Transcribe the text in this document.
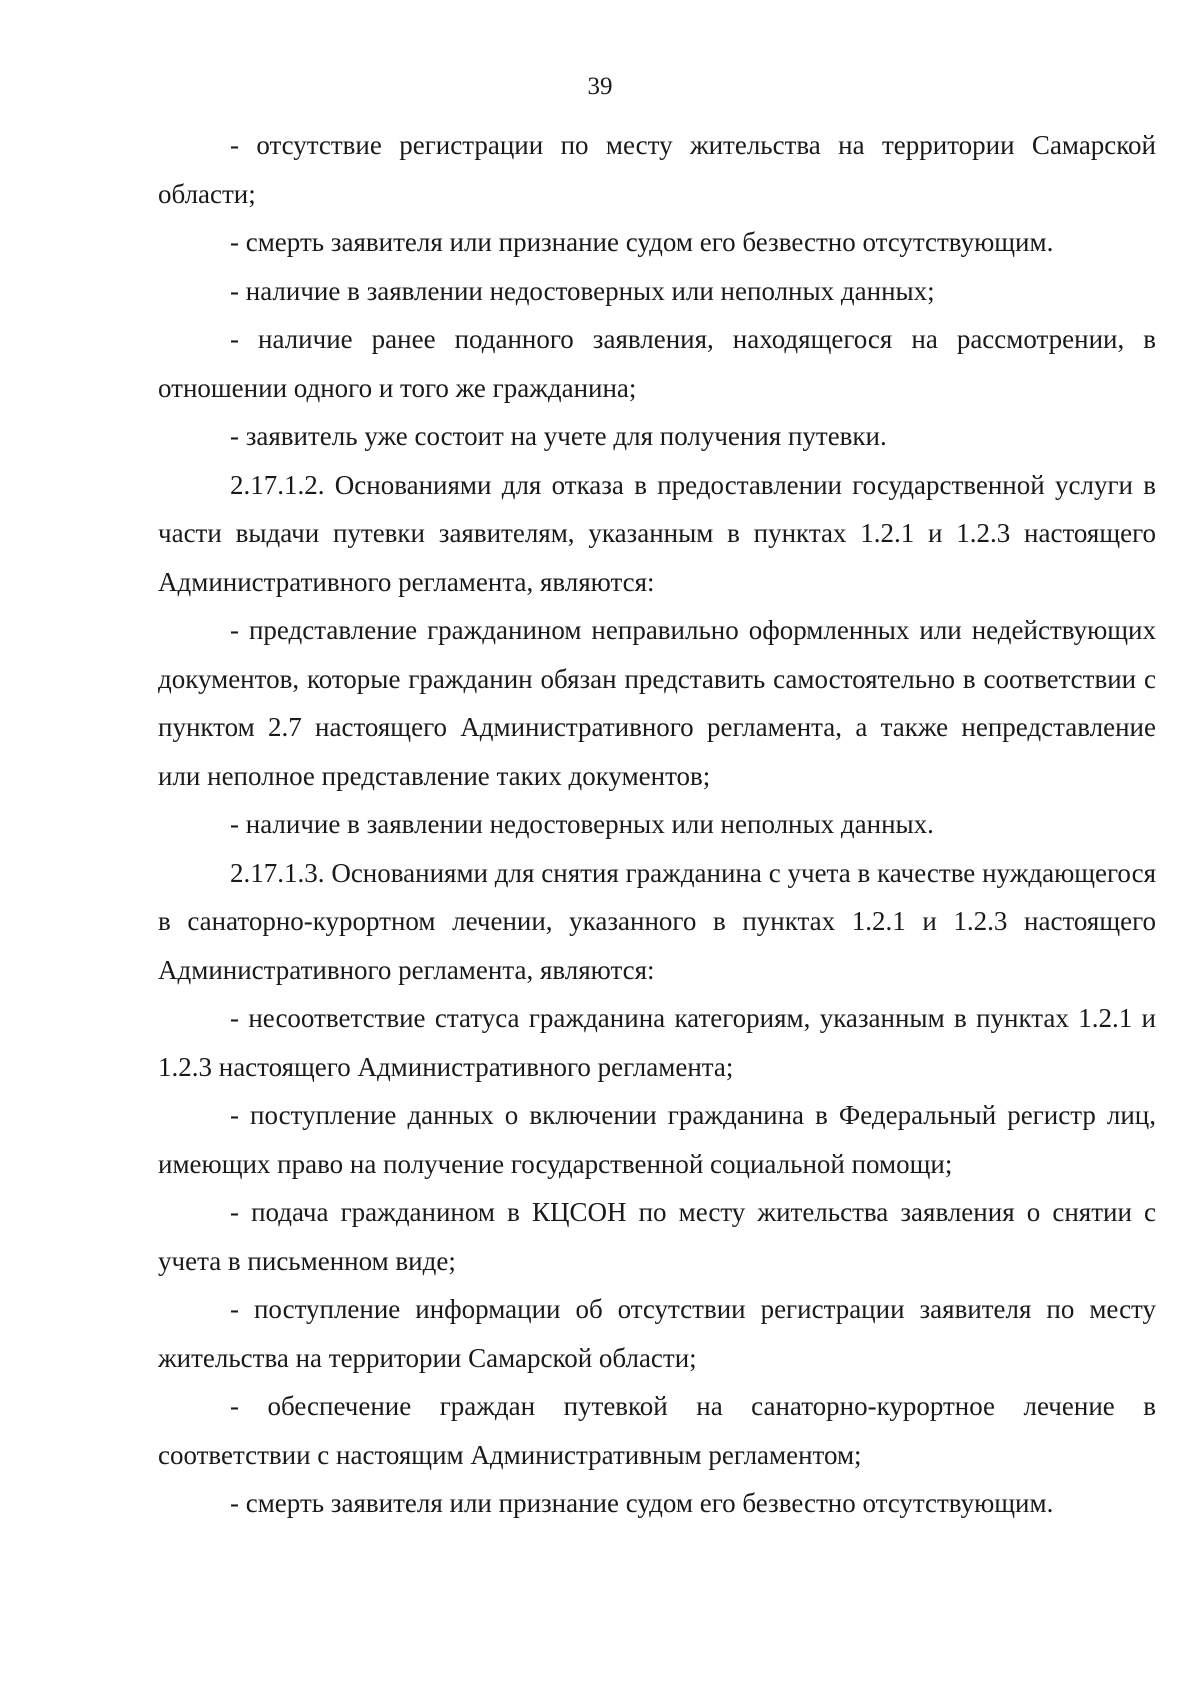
39

- отсутствие регистрации по месту жительства на территории Самарской области;

- смерть заявителя или признание судом его безвестно отсутствующим.

- наличие в заявлении недостоверных или неполных данных;

- наличие ранее поданного заявления, находящегося на рассмотрении, в отношении одного и того же гражданина;

- заявитель уже состоит на учете для получения путевки.

2.17.1.2. Основаниями для отказа в предоставлении государственной услуги в части выдачи путевки заявителям, указанным в пунктах 1.2.1 и 1.2.3 настоящего Административного регламента, являются:

- представление гражданином неправильно оформленных или недействующих документов, которые гражданин обязан представить самостоятельно в соответствии с пунктом 2.7 настоящего Административного регламента, а также непредставление или неполное представление таких документов;

- наличие в заявлении недостоверных или неполных данных.

2.17.1.3. Основаниями для снятия гражданина с учета в качестве нуждающегося в санаторно-курортном лечении, указанного в пунктах 1.2.1 и 1.2.3 настоящего Административного регламента, являются:

- несоответствие статуса гражданина категориям, указанным в пунктах 1.2.1 и 1.2.3 настоящего Административного регламента;

- поступление данных о включении гражданина в Федеральный регистр лиц, имеющих право на получение государственной социальной помощи;

- подача гражданином в КЦСОН по месту жительства заявления о снятии с учета в письменном виде;

- поступление информации об отсутствии регистрации заявителя по месту жительства на территории Самарской области;

- обеспечение граждан путевкой на санаторно-курортное лечение в соответствии с настоящим Административным регламентом;

- смерть заявителя или признание судом его безвестно отсутствующим.
